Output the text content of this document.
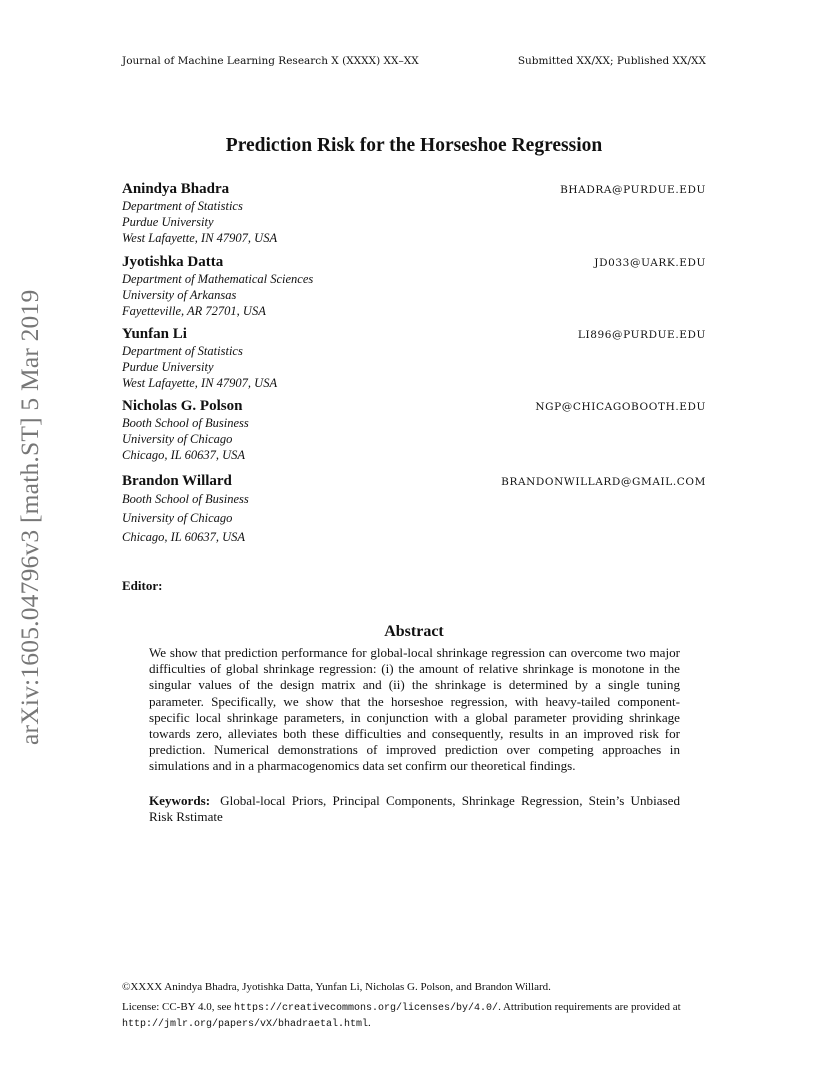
Journal of Machine Learning Research X (XXXX) XX–XX	Submitted XX/XX; Published XX/XX
arXiv:1605.04796v3 [math.ST] 5 Mar 2019
Prediction Risk for the Horseshoe Regression
Anindya Bhadra	BHADRA@PURDUE.EDU
Department of Statistics
Purdue University
West Lafayette, IN 47907, USA
Jyotishka Datta	JD033@UARK.EDU
Department of Mathematical Sciences
University of Arkansas
Fayetteville, AR 72701, USA
Yunfan Li	LI896@PURDUE.EDU
Department of Statistics
Purdue University
West Lafayette, IN 47907, USA
Nicholas G. Polson	NGP@CHICAGOBOOTH.EDU
Booth School of Business
University of Chicago
Chicago, IL 60637, USA
Brandon Willard	BRANDONWILLARD@GMAIL.COM
Booth School of Business
University of Chicago
Chicago, IL 60637, USA
Editor:
Abstract
We show that prediction performance for global-local shrinkage regression can overcome two major difficulties of global shrinkage regression: (i) the amount of relative shrinkage is monotone in the singular values of the design matrix and (ii) the shrinkage is determined by a single tuning parameter. Specifically, we show that the horseshoe regression, with heavy-tailed component-specific local shrinkage parameters, in conjunction with a global parameter providing shrinkage towards zero, alleviates both these difficulties and consequently, results in an improved risk for prediction. Numerical demonstrations of improved prediction over competing approaches in simulations and in a pharmacogenomics data set confirm our theoretical findings.
Keywords: Global-local Priors, Principal Components, Shrinkage Regression, Stein’s Unbiased Risk Rstimate
©XXXX Anindya Bhadra, Jyotishka Datta, Yunfan Li, Nicholas G. Polson, and Brandon Willard.
License: CC-BY 4.0, see https://creativecommons.org/licenses/by/4.0/. Attribution requirements are provided at http://jmlr.org/papers/vX/bhadraetal.html.
